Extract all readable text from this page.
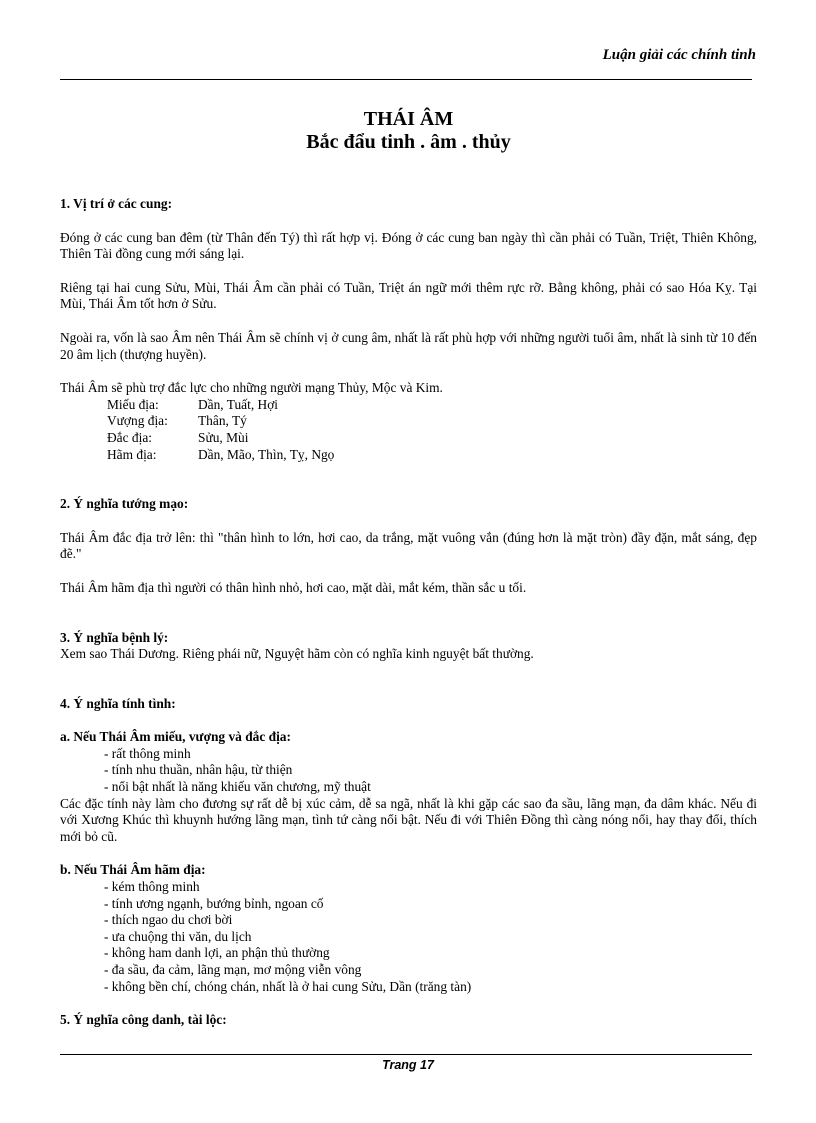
Luận giải các chính tinh
THÁI ÂM
Bắc đẩu tinh . âm . thủy
1. Vị trí ở các cung:

Đóng ở các cung ban đêm (từ Thân đến Tý) thì rất hợp vị. Đóng ở các cung ban ngày thì cần phải có Tuần, Triệt, Thiên Không, Thiên Tài đồng cung mới sáng lại.

Riêng tại hai cung Sửu, Mùi, Thái Âm cần phải có Tuần, Triệt án ngữ mới thêm rực rỡ. Bằng không, phải có sao Hóa Kỵ. Tại Mùi, Thái Âm tốt hơn ở Sửu.

Ngoài ra, vốn là sao Âm nên Thái Âm sẽ chính vị ở cung âm, nhất là rất phù hợp với những người tuổi âm, nhất là sinh từ 10 đến 20 âm lịch (thượng huyền).

Thái Âm sẽ phù trợ đắc lực cho những người mạng Thủy, Mộc và Kim.

Miếu địa:	Dần, Tuất, Hợi
Vượng địa:	Thân, Tý
Đắc địa:	Sửu, Mùi
Hãm địa:	Dần, Mão, Thìn, Tỵ, Ngọ
2. Ý nghĩa tướng mạo:

Thái Âm đắc địa trở lên: thì "thân hình to lớn, hơi cao, da trắng, mặt vuông vắn (đúng hơn là mặt tròn) đầy đặn, mắt sáng, đẹp đẽ."

Thái Âm hãm địa thì người có thân hình nhỏ, hơi cao, mặt dài, mắt kém, thần sắc u tối.

3. Ý nghĩa bệnh lý:

Xem sao Thái Dương. Riêng phái nữ, Nguyệt hãm còn có nghĩa kinh nguyệt bất thường.

4. Ý nghĩa tính tình:
a. Nếu Thái Âm miếu, vượng và đắc địa:
- rất thông minh
- tính nhu thuần, nhân hậu, từ thiện
- nổi bật nhất là năng khiếu văn chương, mỹ thuật

Các đặc tính này làm cho đương sự rất dễ bị xúc cảm, dễ sa ngã, nhất là khi gặp các sao đa sầu, lãng mạn, đa dâm khác. Nếu đi với Xương Khúc thì khuynh hướng lãng mạn, tình tứ càng nổi bật. Nếu đi với Thiên Đồng thì càng nóng nổi, hay thay đổi, thích mới bỏ cũ.

b. Nếu Thái Âm hãm địa:
- kém thông minh
- tính ương ngạnh, bướng bỉnh, ngoan cố
- thích ngao du chơi bời
- ưa chuộng thi văn, du lịch
- không ham danh lợi, an phận thủ thường
- đa sầu, đa cảm, lãng mạn, mơ mộng viễn vông
- không bền chí, chóng chán, nhất là ở hai cung Sửu, Dần (trăng tàn)
5. Ý nghĩa công danh, tài lộc:
Trang 17
